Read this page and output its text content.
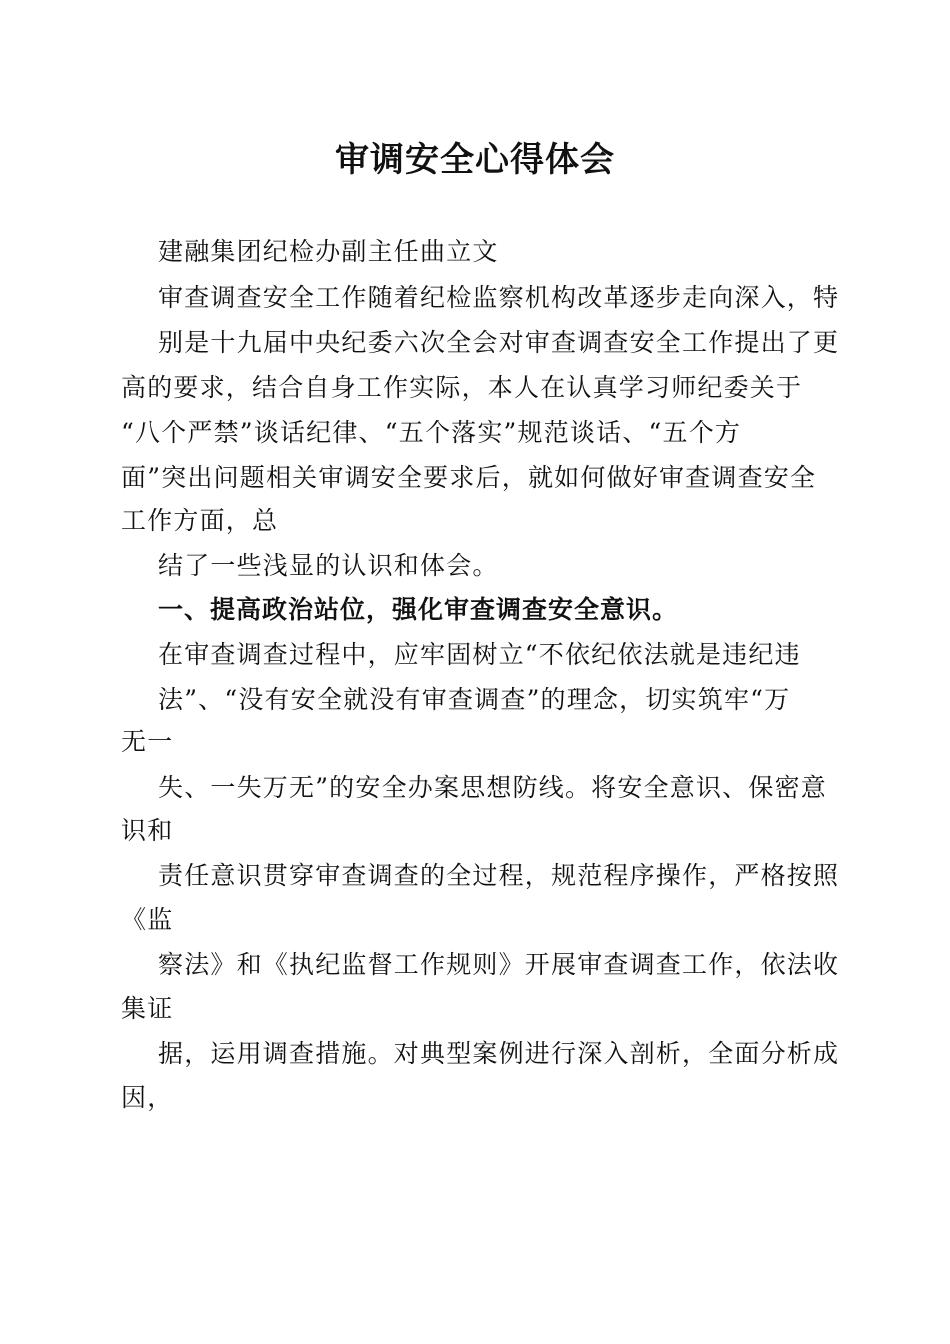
审调安全心得体会
建融集团纪检办副主任曲立文
审查调查安全工作随着纪检监察机构改革逐步走向深入，特
别是十九届中央纪委六次全会对审查调查安全工作提出了更
高的要求，结合自身工作实际，本人在认真学习师纪委关于
“八个严禁”谈话纪律、“五个落实”规范谈话、“五个方
面”突出问题相关审调安全要求后，就如何做好审查调查安全
工作方面，总
结了一些浅显的认识和体会。
一、提高政治站位，强化审查调查安全意识。
在审查调查过程中，应牢固树立“不依纪依法就是违纪违
法”、“没有安全就没有审查调查”的理念，切实筑牢“万
无一
失、一失万无”的安全办案思想防线。将安全意识、保密意
识和
责任意识贯穿审查调查的全过程，规范程序操作，严格按照
《监
察法》和《执纪监督工作规则》开展审查调查工作，依法收
集证
据，运用调查措施。对典型案例进行深入剖析，全面分析成
因，
